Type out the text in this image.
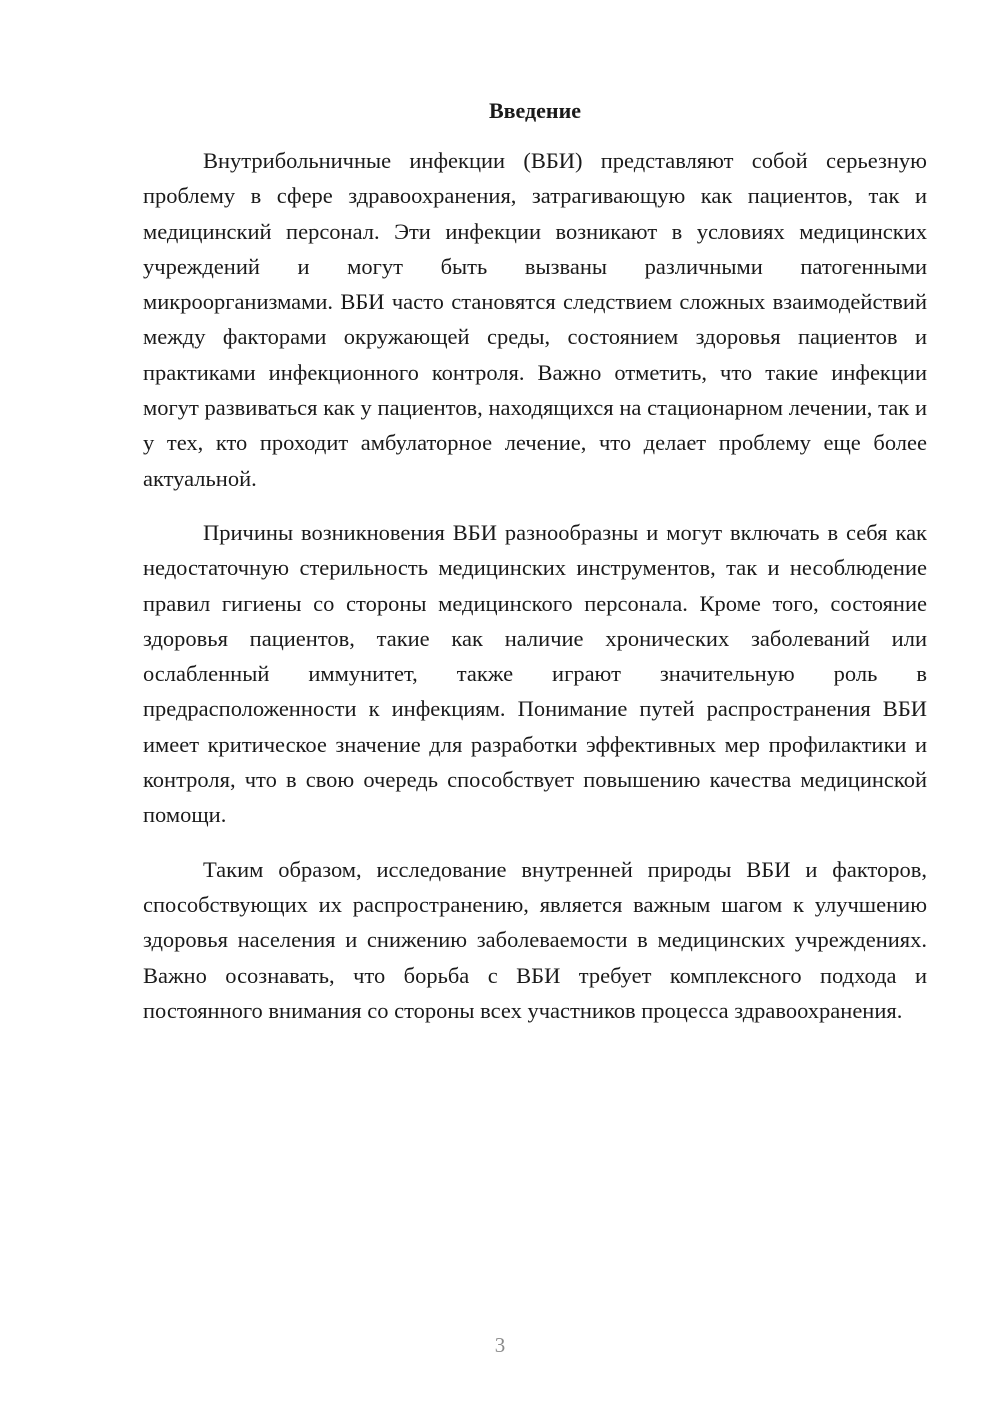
Введение

Внутрибольничные инфекции (ВБИ) представляют собой серьезную проблему в сфере здравоохранения, затрагивающую как пациентов, так и медицинский персонал. Эти инфекции возникают в условиях медицинских учреждений и могут быть вызваны различными патогенными микроорганизмами. ВБИ часто становятся следствием сложных взаимодействий между факторами окружающей среды, состоянием здоровья пациентов и практиками инфекционного контроля. Важно отметить, что такие инфекции могут развиваться как у пациентов, находящихся на стационарном лечении, так и у тех, кто проходит амбулаторное лечение, что делает проблему еще более актуальной.

Причины возникновения ВБИ разнообразны и могут включать в себя как недостаточную стерильность медицинских инструментов, так и несоблюдение правил гигиены со стороны медицинского персонала. Кроме того, состояние здоровья пациентов, такие как наличие хронических заболеваний или ослабленный иммунитет, также играют значительную роль в предрасположенности к инфекциям. Понимание путей распространения ВБИ имеет критическое значение для разработки эффективных мер профилактики и контроля, что в свою очередь способствует повышению качества медицинской помощи.

Таким образом, исследование внутренней природы ВБИ и факторов, способствующих их распространению, является важным шагом к улучшению здоровья населения и снижению заболеваемости в медицинских учреждениях. Важно осознавать, что борьба с ВБИ требует комплексного подхода и постоянного внимания со стороны всех участников процесса здравоохранения.

3
